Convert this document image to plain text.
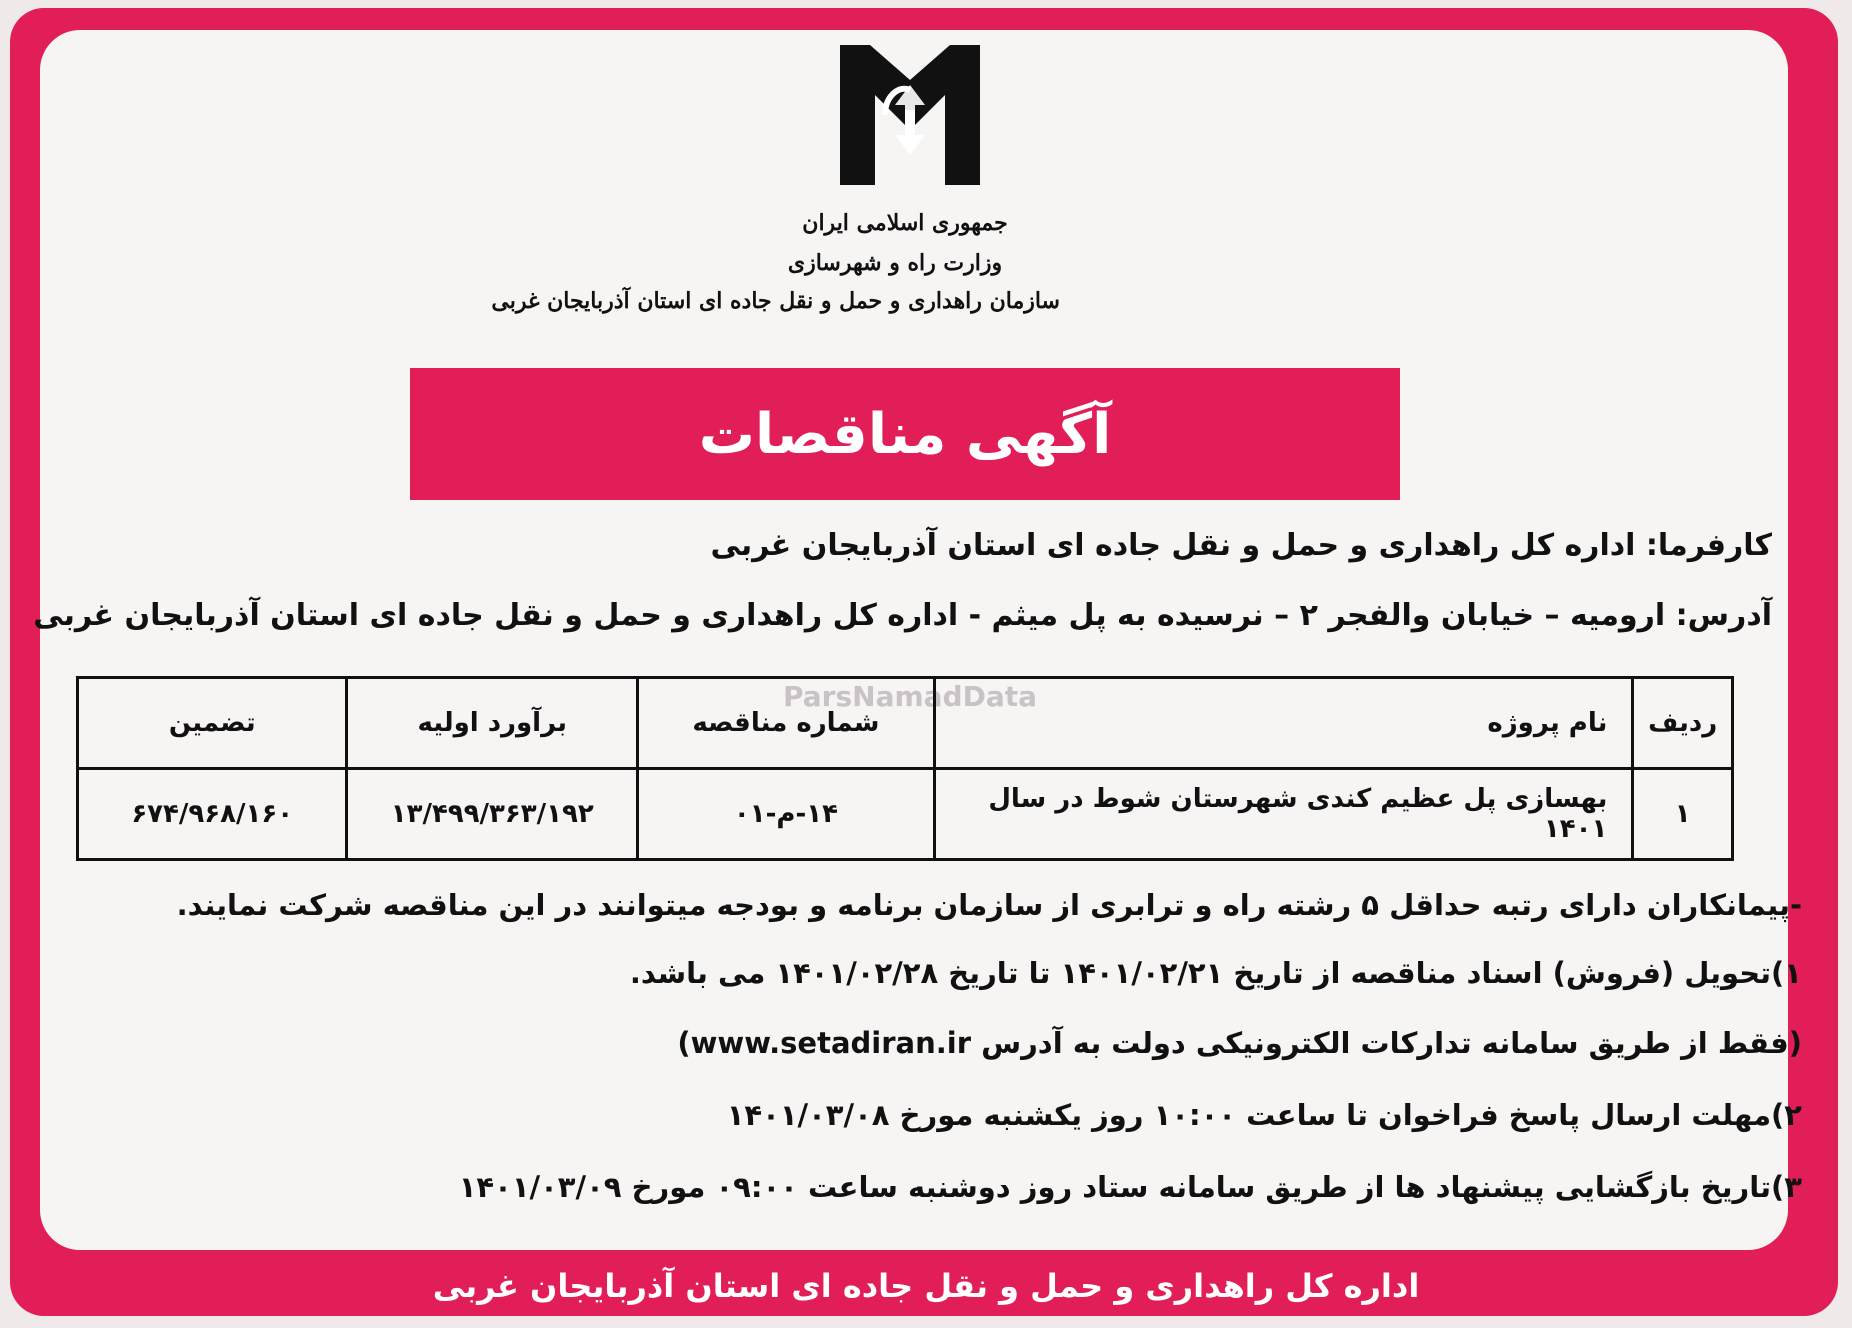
جمهوری اسلامی ایران
وزارت راه و شهرسازی
سازمان راهداری و حمل و نقل جاده ای استان آذربایجان غربی
آگهی مناقصات
ParsNamadData
کارفرما: اداره کل راهداری و حمل و نقل جاده ای استان آذربایجان غربی
آدرس: ارومیه – خیابان والفجر ۲ – نرسیده به پل میثم - اداره کل راهداری و حمل و نقل جاده ای استان آذربایجان غربی
ردیف	نام پروژه	شماره مناقصه	برآورد اولیه	تضمین
۱	بهسازی پل عظیم کندی شهرستان شوط در سال ۱۴۰۱	۱۴-م-۰۱	۱۳/۴۹۹/۳۶۳/۱۹۲	۶۷۴/۹۶۸/۱۶۰
-پیمانکاران دارای رتبه حداقل ۵ رشته راه و ترابری از سازمان برنامه و بودجه میتوانند در این مناقصه شرکت نمایند.
۱)تحویل (فروش) اسناد مناقصه از تاریخ ۱۴۰۱/۰۲/۲۱ تا تاریخ ۱۴۰۱/۰۲/۲۸ می باشد.
(فقط از طریق سامانه تدارکات الکترونیکی دولت به آدرس www.setadiran.ir)
۲)مهلت ارسال پاسخ فراخوان تا ساعت ۱۰:۰۰ روز یکشنبه مورخ ۱۴۰۱/۰۳/۰۸
۳)تاریخ بازگشایی پیشنهاد ها از طریق سامانه ستاد روز دوشنبه ساعت ۰۹:۰۰ مورخ ۱۴۰۱/۰۳/۰۹
اداره کل راهداری و حمل و نقل جاده ای استان آذربایجان غربی
